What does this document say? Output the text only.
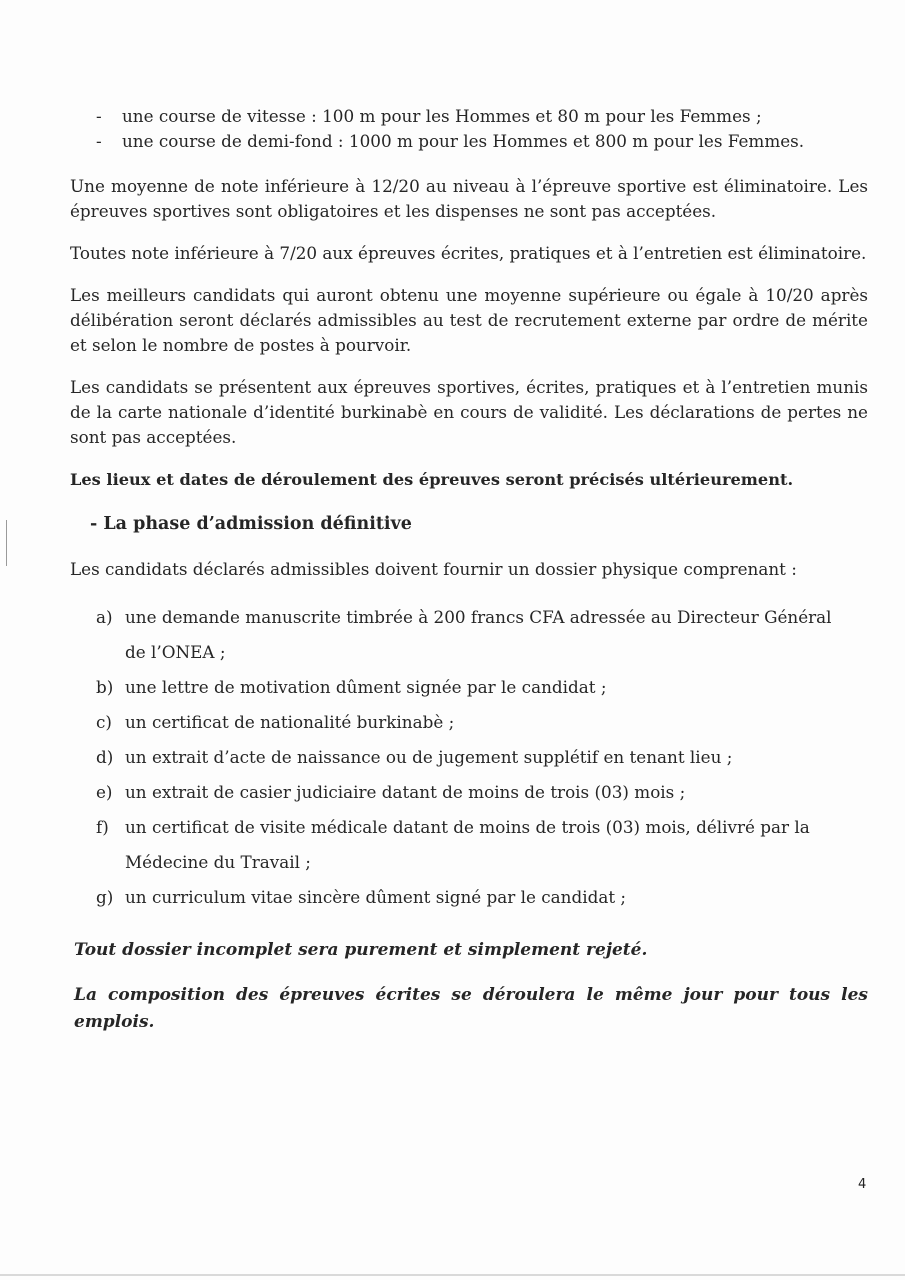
- une course de vitesse : 100 m pour les Hommes et 80 m pour les Femmes ;
- une course de demi-fond : 1000 m pour les Hommes et 800 m pour les Femmes.

Une moyenne de note inférieure à 12/20 au niveau à l’épreuve sportive est éliminatoire. Les épreuves sportives sont obligatoires et les dispenses ne sont pas acceptées.

Toutes note inférieure à 7/20 aux épreuves écrites, pratiques et à l’entretien est éliminatoire.

Les meilleurs candidats qui auront obtenu une moyenne supérieure ou égale à 10/20 après délibération seront déclarés admissibles au test de recrutement externe par ordre de mérite et selon le nombre de postes à pourvoir.

Les candidats se présentent aux épreuves sportives, écrites, pratiques et à l’entretien munis de la carte nationale d’identité burkinabè en cours de validité. Les déclarations de pertes ne sont pas acceptées.

Les lieux et dates de déroulement des épreuves seront précisés ultérieurement.

- La phase d’admission définitive

Les candidats déclarés admissibles doivent fournir un dossier physique comprenant :

a) une demande manuscrite timbrée à 200 francs CFA adressée au Directeur Général
de l’ONEA ;
b) une lettre de motivation dûment signée par le candidat ;
c) un certificat de nationalité burkinabè ;
d) un extrait d’acte de naissance ou de jugement supplétif en tenant lieu ;
e) un extrait de casier judiciaire datant de moins de trois (03) mois ;
f) un certificat de visite médicale datant de moins de trois (03) mois, délivré par la
Médecine du Travail ;
g) un curriculum vitae sincère dûment signé par le candidat ;

Tout dossier incomplet sera purement et simplement rejeté.

La composition des épreuves écrites se déroulera le même jour pour tous les emplois.

4
